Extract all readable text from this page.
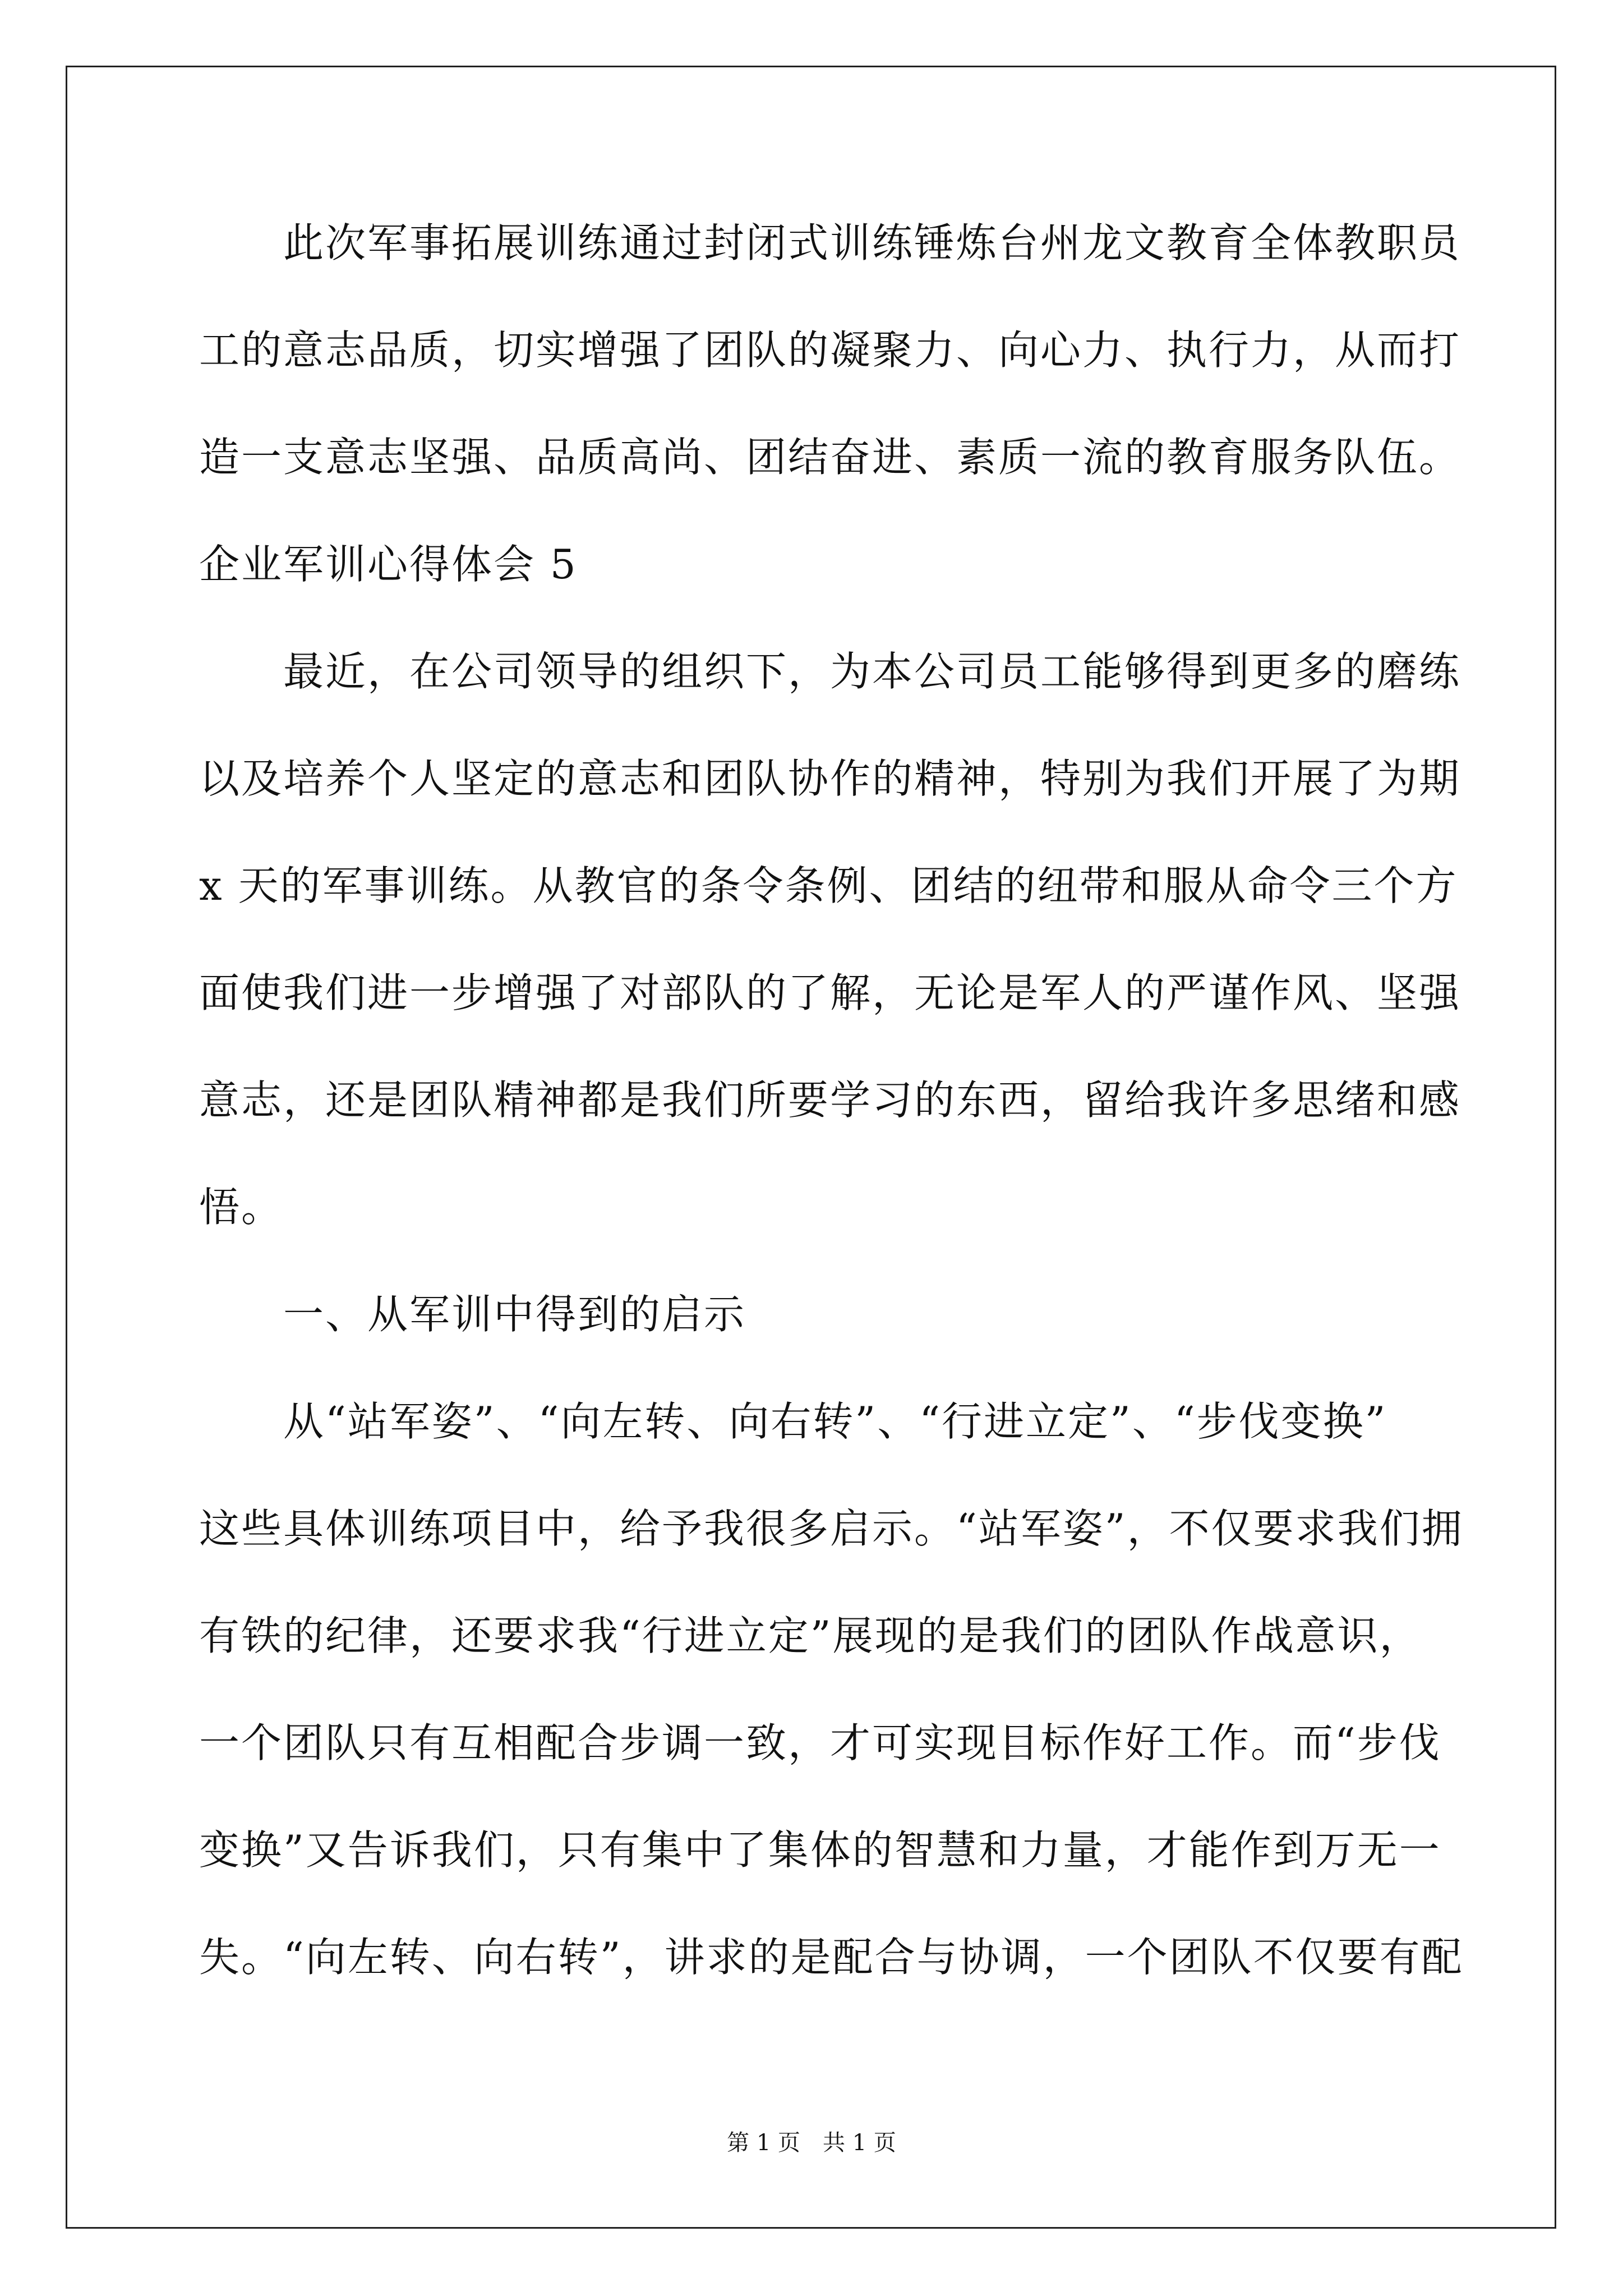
此次军事拓展训练通过封闭式训练锤炼台州龙文教育全体教职员
工的意志品质，切实增强了团队的凝聚力、向心力、执行力，从而打
造一支意志坚强、品质高尚、团结奋进、素质一流的教育服务队伍。
企业军训心得体会 5
最近，在公司领导的组织下，为本公司员工能够得到更多的磨练
以及培养个人坚定的意志和团队协作的精神，特别为我们开展了为期
x 天的军事训练。从教官的条令条例、团结的纽带和服从命令三个方
面使我们进一步增强了对部队的了解，无论是军人的严谨作风、坚强
意志，还是团队精神都是我们所要学习的东西，留给我许多思绪和感
悟。
一、从军训中得到的启示
从“站军姿”、“向左转、向右转”、“行进立定”、“步伐变换”
这些具体训练项目中，给予我很多启示。“站军姿”，不仅要求我们拥
有铁的纪律，还要求我“行进立定”展现的是我们的团队作战意识，
一个团队只有互相配合步调一致，才可实现目标作好工作。而“步伐
变换”又告诉我们，只有集中了集体的智慧和力量，才能作到万无一
失。“向左转、向右转”，讲求的是配合与协调，一个团队不仅要有配
第 1 页　共 1 页
